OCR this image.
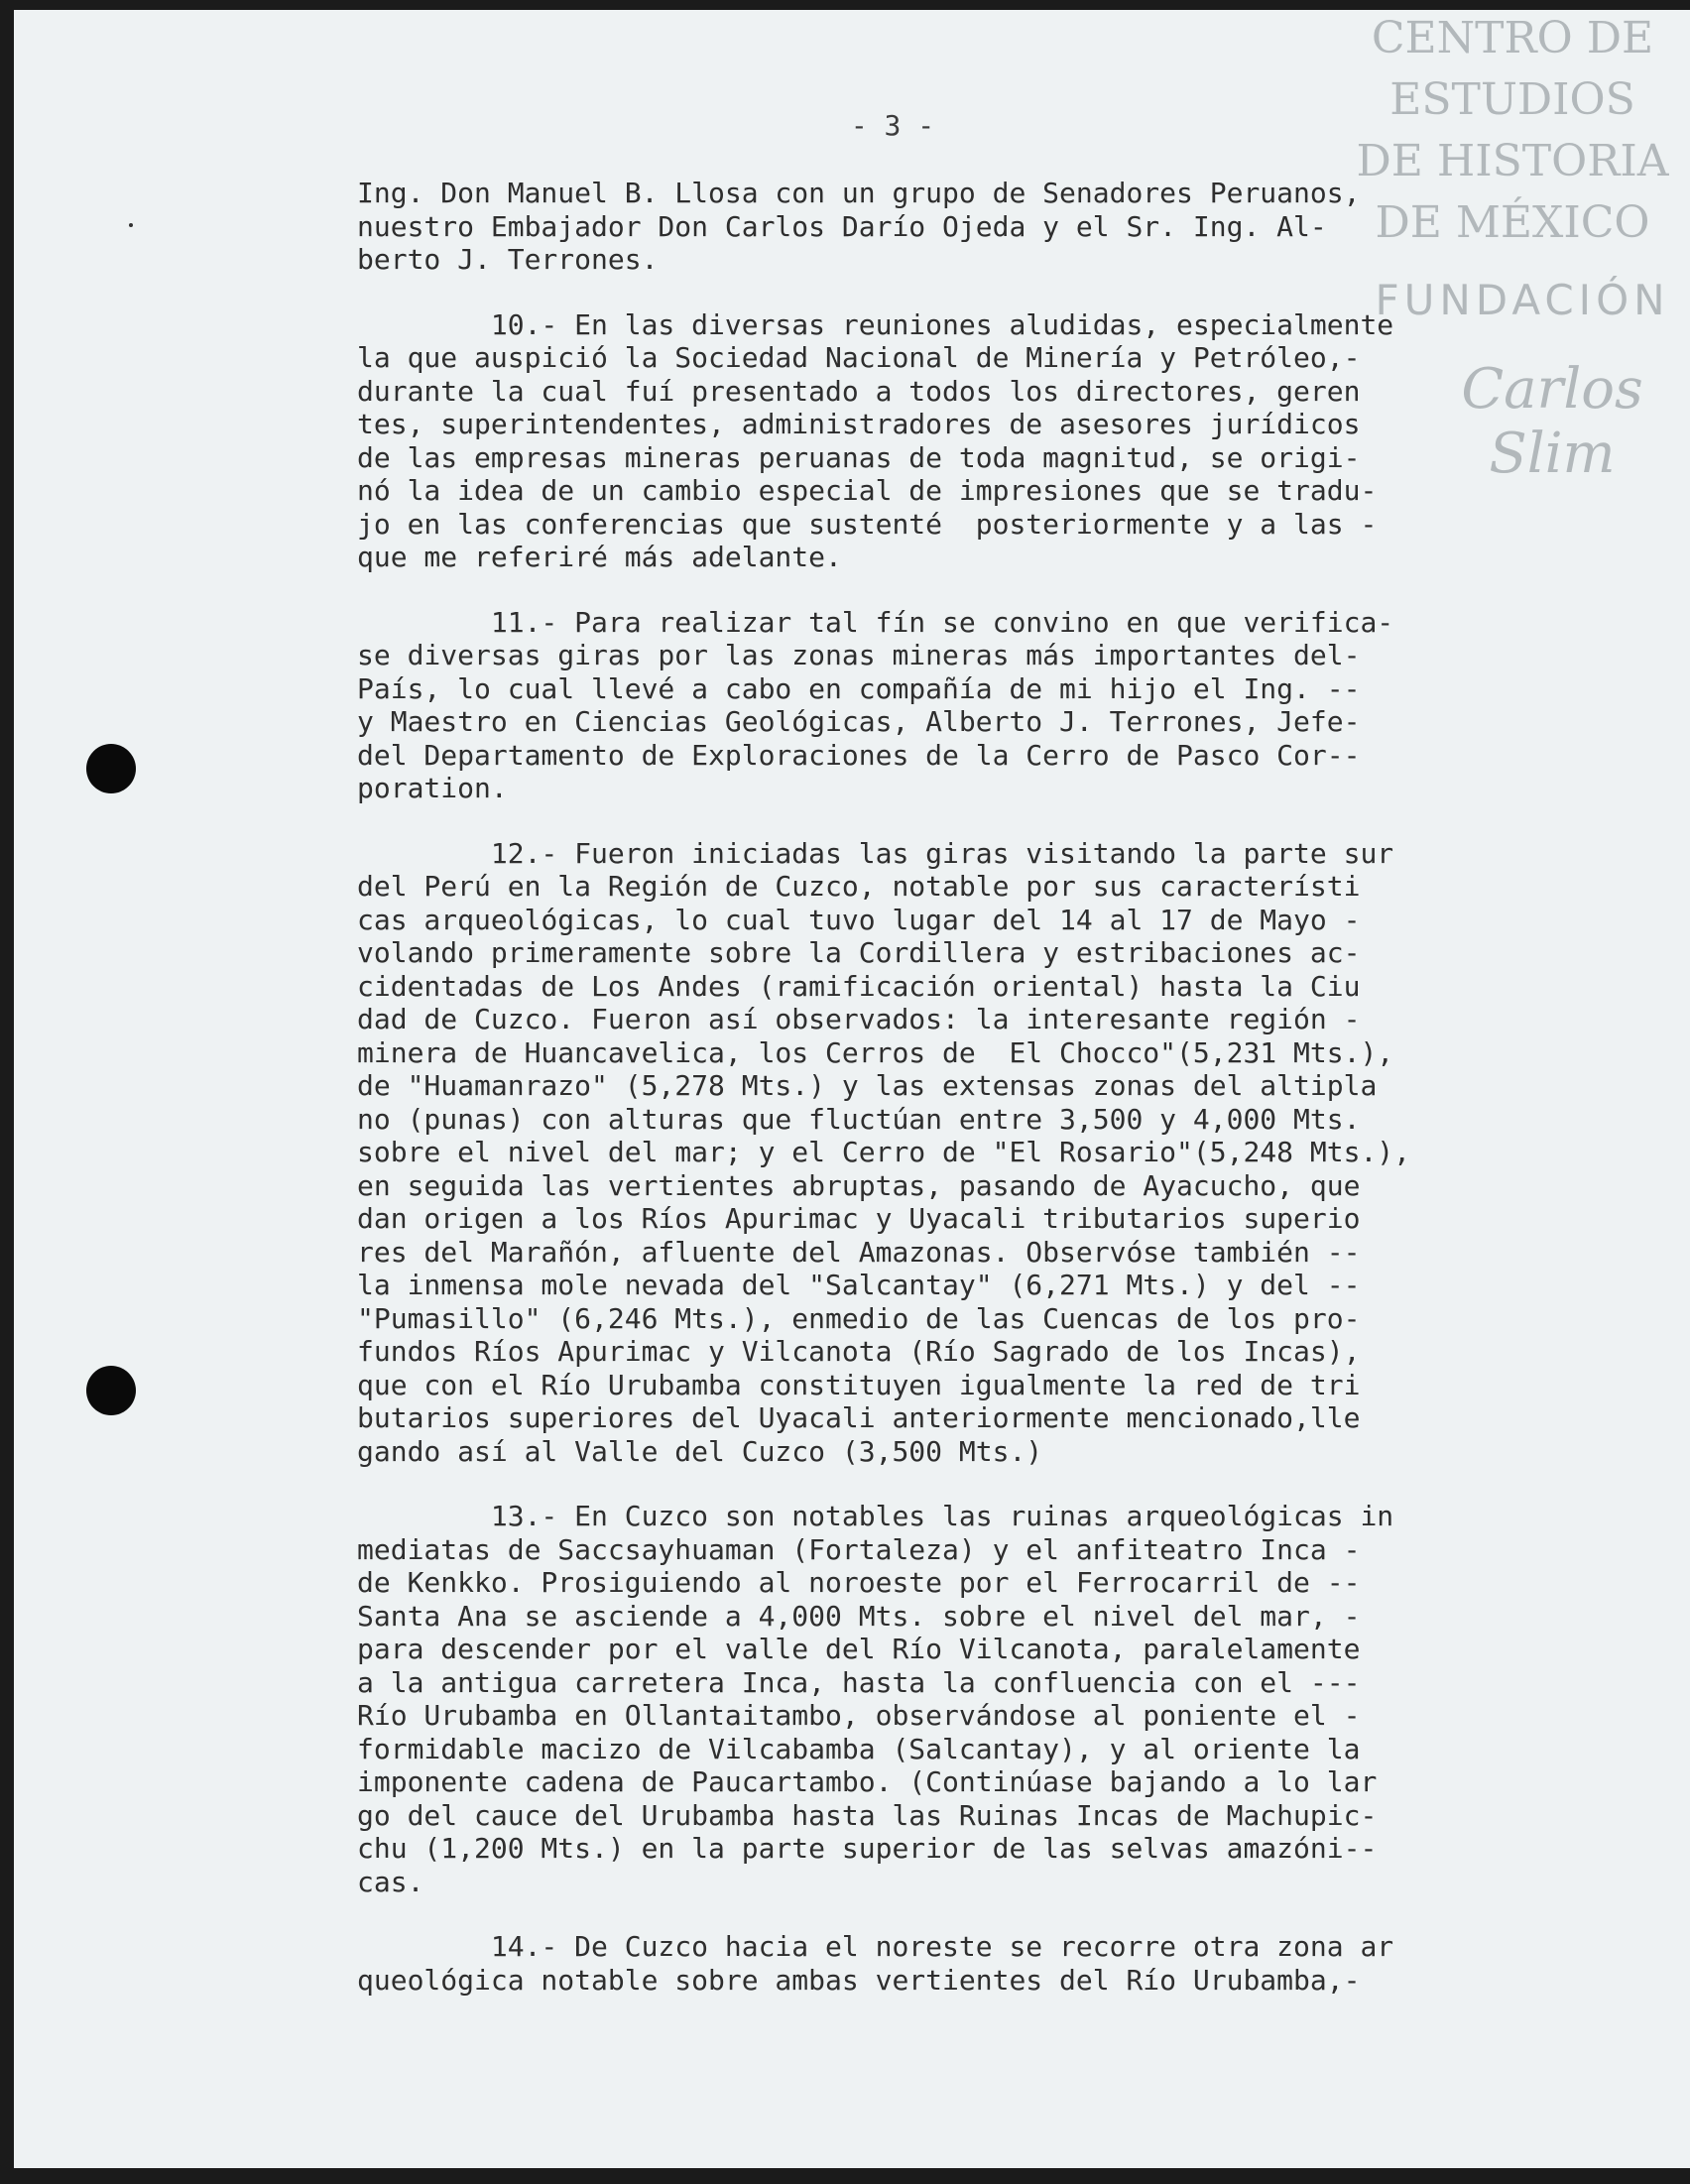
CENTRO DE
ESTUDIOS
DE HISTORIA
DE MÉXICO
FUNDACIÓN
Carlos Slim
- 3 -
Ing. Don Manuel B. Llosa con un grupo de Senadores Peruanos,
nuestro Embajador Don Carlos Darío Ojeda y el Sr. Ing. Al-
berto J. Terrones.
10.- En las diversas reuniones aludidas, especialmente
la que auspició la Sociedad Nacional de Minería y Petróleo,-
durante la cual fuí presentado a todos los directores, geren
tes, superintendentes, administradores de asesores jurídicos
de las empresas mineras peruanas de toda magnitud, se origi-
nó la idea de un cambio especial de impresiones que se tradu-
jo en las conferencias que sustenté  posteriormente y a las -
que me referiré más adelante.
11.- Para realizar tal fín se convino en que verifica-
se diversas giras por las zonas mineras más importantes del-
País, lo cual llevé a cabo en compañía de mi hijo el Ing. --
y Maestro en Ciencias Geológicas, Alberto J. Terrones, Jefe-
del Departamento de Exploraciones de la Cerro de Pasco Cor--
poration.
12.- Fueron iniciadas las giras visitando la parte sur
del Perú en la Región de Cuzco, notable por sus característi
cas arqueológicas, lo cual tuvo lugar del 14 al 17 de Mayo -
volando primeramente sobre la Cordillera y estribaciones ac-
cidentadas de Los Andes (ramificación oriental) hasta la Ciu
dad de Cuzco. Fueron así observados: la interesante región -
minera de Huancavelica, los Cerros de  El Chocco"(5,231 Mts.),
de "Huamanrazo" (5,278 Mts.) y las extensas zonas del altipla
no (punas) con alturas que fluctúan entre 3,500 y 4,000 Mts.
sobre el nivel del mar; y el Cerro de "El Rosario"(5,248 Mts.),
en seguida las vertientes abruptas, pasando de Ayacucho, que
dan origen a los Ríos Apurimac y Uyacali tributarios superio
res del Marañón, afluente del Amazonas. Observóse también --
la inmensa mole nevada del "Salcantay" (6,271 Mts.) y del --
"Pumasillo" (6,246 Mts.), enmedio de las Cuencas de los pro-
fundos Ríos Apurimac y Vilcanota (Río Sagrado de los Incas),
que con el Río Urubamba constituyen igualmente la red de tri
butarios superiores del Uyacali anteriormente mencionado,lle
gando así al Valle del Cuzco (3,500 Mts.)
13.- En Cuzco son notables las ruinas arqueológicas in
mediatas de Saccsayhuaman (Fortaleza) y el anfiteatro Inca -
de Kenkko. Prosiguiendo al noroeste por el Ferrocarril de --
Santa Ana se asciende a 4,000 Mts. sobre el nivel del mar, -
para descender por el valle del Río Vilcanota, paralelamente
a la antigua carretera Inca, hasta la confluencia con el ---
Río Urubamba en Ollantaitambo, observándose al poniente el -
formidable macizo de Vilcabamba (Salcantay), y al oriente la
imponente cadena de Paucartambo. (Continúase bajando a lo lar
go del cauce del Urubamba hasta las Ruinas Incas de Machupic-
chu (1,200 Mts.) en la parte superior de las selvas amazóni--
cas.
14.- De Cuzco hacia el noreste se recorre otra zona ar
queológica notable sobre ambas vertientes del Río Urubamba,-
